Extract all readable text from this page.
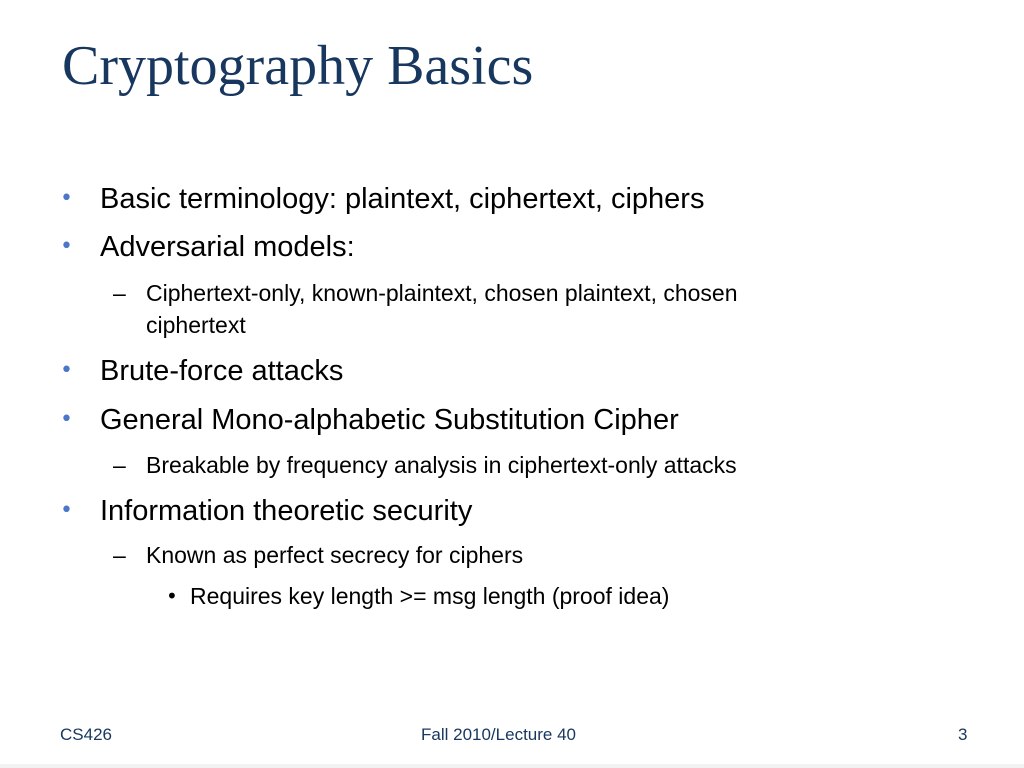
Cryptography Basics
• Basic terminology: plaintext, ciphertext, ciphers
• Adversarial models:
– Ciphertext-only, known-plaintext, chosen plaintext, chosen
ciphertext
• Brute-force attacks
• General Mono-alphabetic Substitution Cipher
– Breakable by frequency analysis in ciphertext-only attacks
• Information theoretic security
– Known as perfect secrecy for ciphers
• Requires key length >= msg length (proof idea)
CS426	Fall 2010/Lecture 40	3
